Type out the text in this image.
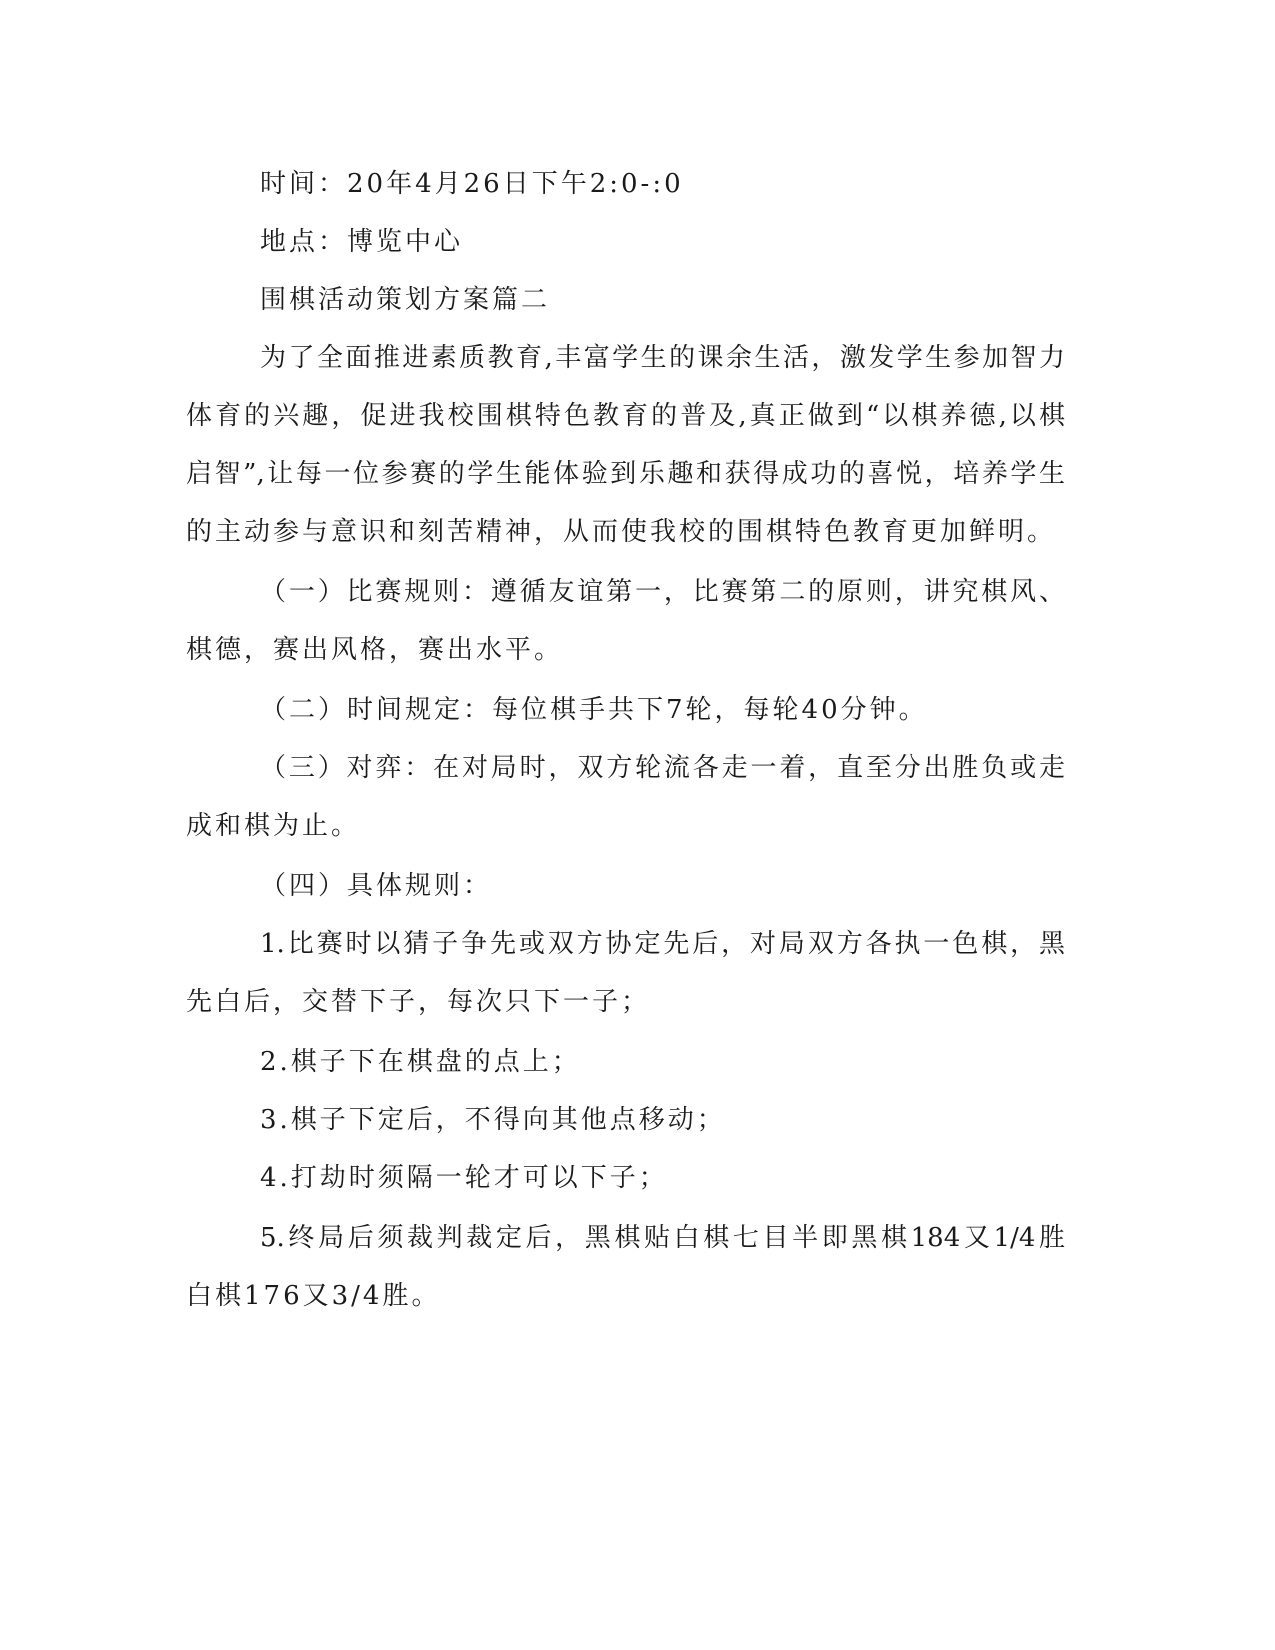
时间：20年4月26日下午2:0-:0
地点：博览中心
围棋活动策划方案篇二
为了全面推进素质教育,丰富学生的课余生活，激发学生参加智力
体育的兴趣，促进我校围棋特色教育的普及,真正做到“以棋养德,以棋
启智”,让每一位参赛的学生能体验到乐趣和获得成功的喜悦，培养学生
的主动参与意识和刻苦精神，从而使我校的围棋特色教育更加鲜明。
（一）比赛规则：遵循友谊第一，比赛第二的原则，讲究棋风、
棋德，赛出风格，赛出水平。
（二）时间规定：每位棋手共下7轮，每轮40分钟。
（三）对弈：在对局时，双方轮流各走一着，直至分出胜负或走
成和棋为止。
（四）具体规则：
1.比赛时以猜子争先或双方协定先后，对局双方各执一色棋，黑
先白后，交替下子，每次只下一子；
2.棋子下在棋盘的点上；
3.棋子下定后，不得向其他点移动；
4.打劫时须隔一轮才可以下子；
5.终局后须裁判裁定后，黑棋贴白棋七目半即黑棋184又1/4胜
白棋176又3/4胜。
